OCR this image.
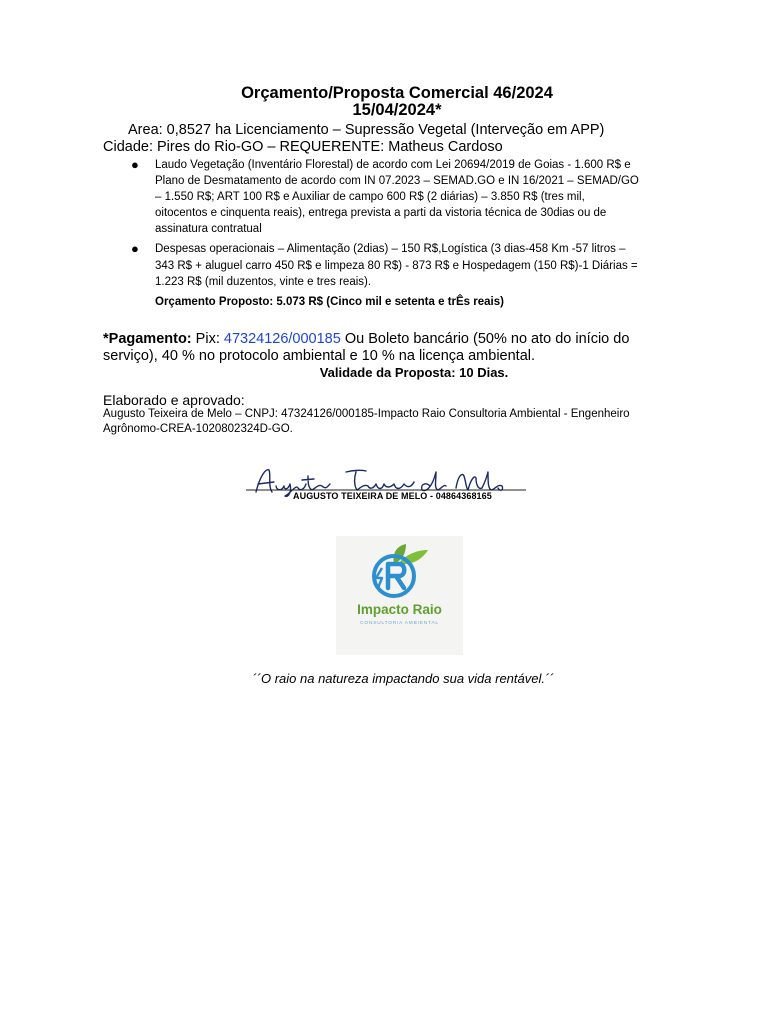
Orçamento/Proposta Comercial 46/2024
15/04/2024*
Area: 0,8527 ha Licenciamento – Supressão Vegetal (Interveção em APP)
Cidade: Pires do Rio-GO – REQUERENTE: Matheus Cardoso
● Laudo Vegetação (Inventário Florestal) de acordo com Lei 20694/2019 de Goias - 1.600 R$ e Plano de Desmatamento de acordo com IN 07.2023 – SEMAD.GO e IN 16/2021 – SEMAD/GO – 1.550 R$; ART 100 R$ e Auxiliar de campo 600 R$ (2 diárias) – 3.850 R$ (tres mil, oitocentos e cinquenta reais), entrega prevista a parti da vistoria técnica de 30dias ou de assinatura contratual
● Despesas operacionais – Alimentação (2dias) – 150 R$,Logística (3 dias-458 Km -57 litros – 343 R$ + aluguel carro 450 R$ e limpeza 80 R$) - 873 R$ e Hospedagem (150 R$)-1 Diárias = 1.223 R$ (mil duzentos, vinte e tres reais).
Orçamento Proposto: 5.073 R$ (Cinco mil e setenta e trÊs reais)
*Pagamento: Pix: 47324126/000185 Ou Boleto bancário (50% no ato do início do serviço), 40 % no protocolo ambiental e 10 % na licença ambiental.
Validade da Proposta: 10 Dias.
Elaborado e aprovado:
Augusto Teixeira de Melo – CNPJ: 47324126/000185-Impacto Raio Consultoria Ambiental - Engenheiro Agrônomo-CREA-1020802324D-GO.
AUGUSTO TEIXEIRA DE MELO - 04864368165
Impacto Raio
CONSULTORIA AMBIENTAL
´´O raio na natureza impactando sua vida rentável.´´
